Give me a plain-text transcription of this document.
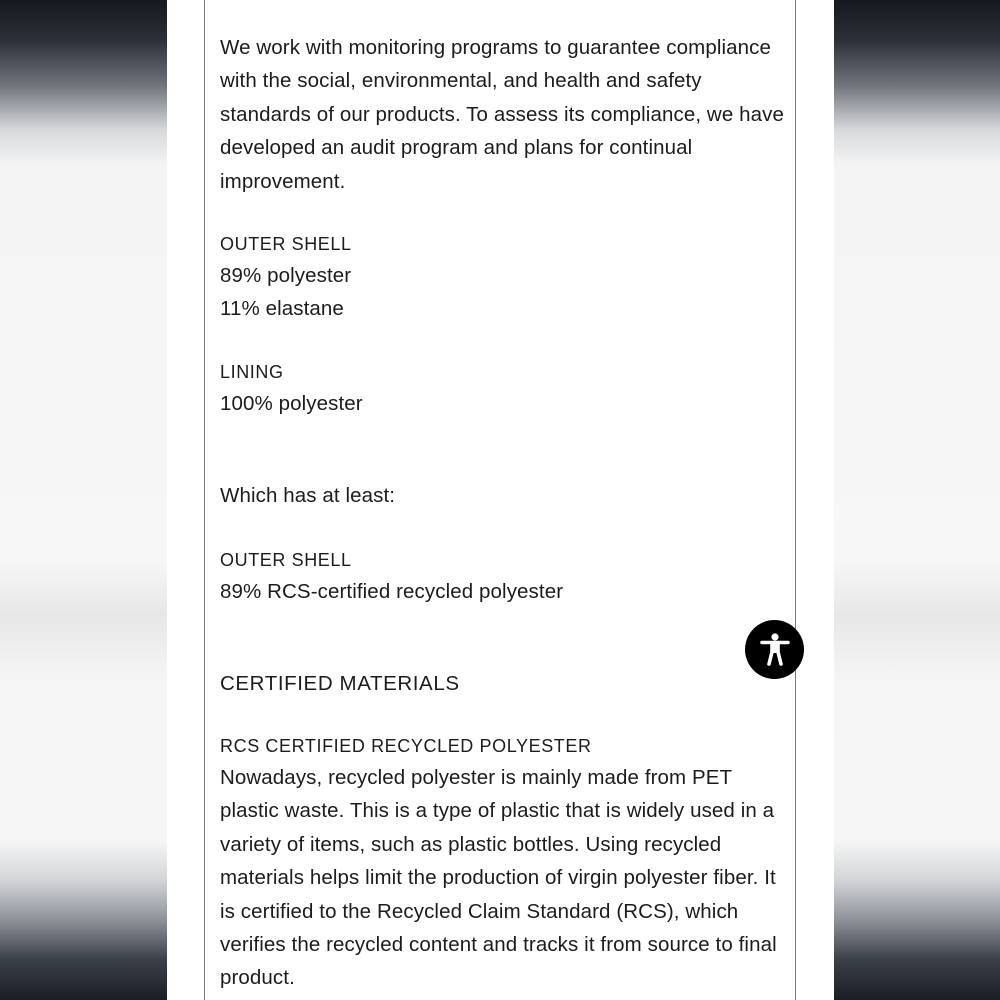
We work with monitoring programs to guarantee compliance with the social, environmental, and health and safety standards of our products. To assess its compliance, we have developed an audit program and plans for continual improvement.

OUTER SHELL

89% polyester

11% elastane

LINING

100% polyester

Which has at least:

OUTER SHELL

89% RCS-certified recycled polyester

CERTIFIED MATERIALS

RCS CERTIFIED RECYCLED POLYESTER

Nowadays, recycled polyester is mainly made from PET plastic waste. This is a type of plastic that is widely used in a variety of items, such as plastic bottles. Using recycled materials helps limit the production of virgin polyester fiber. It is certified to the Recycled Claim Standard (RCS), which verifies the recycled content and tracks it from source to final product.
